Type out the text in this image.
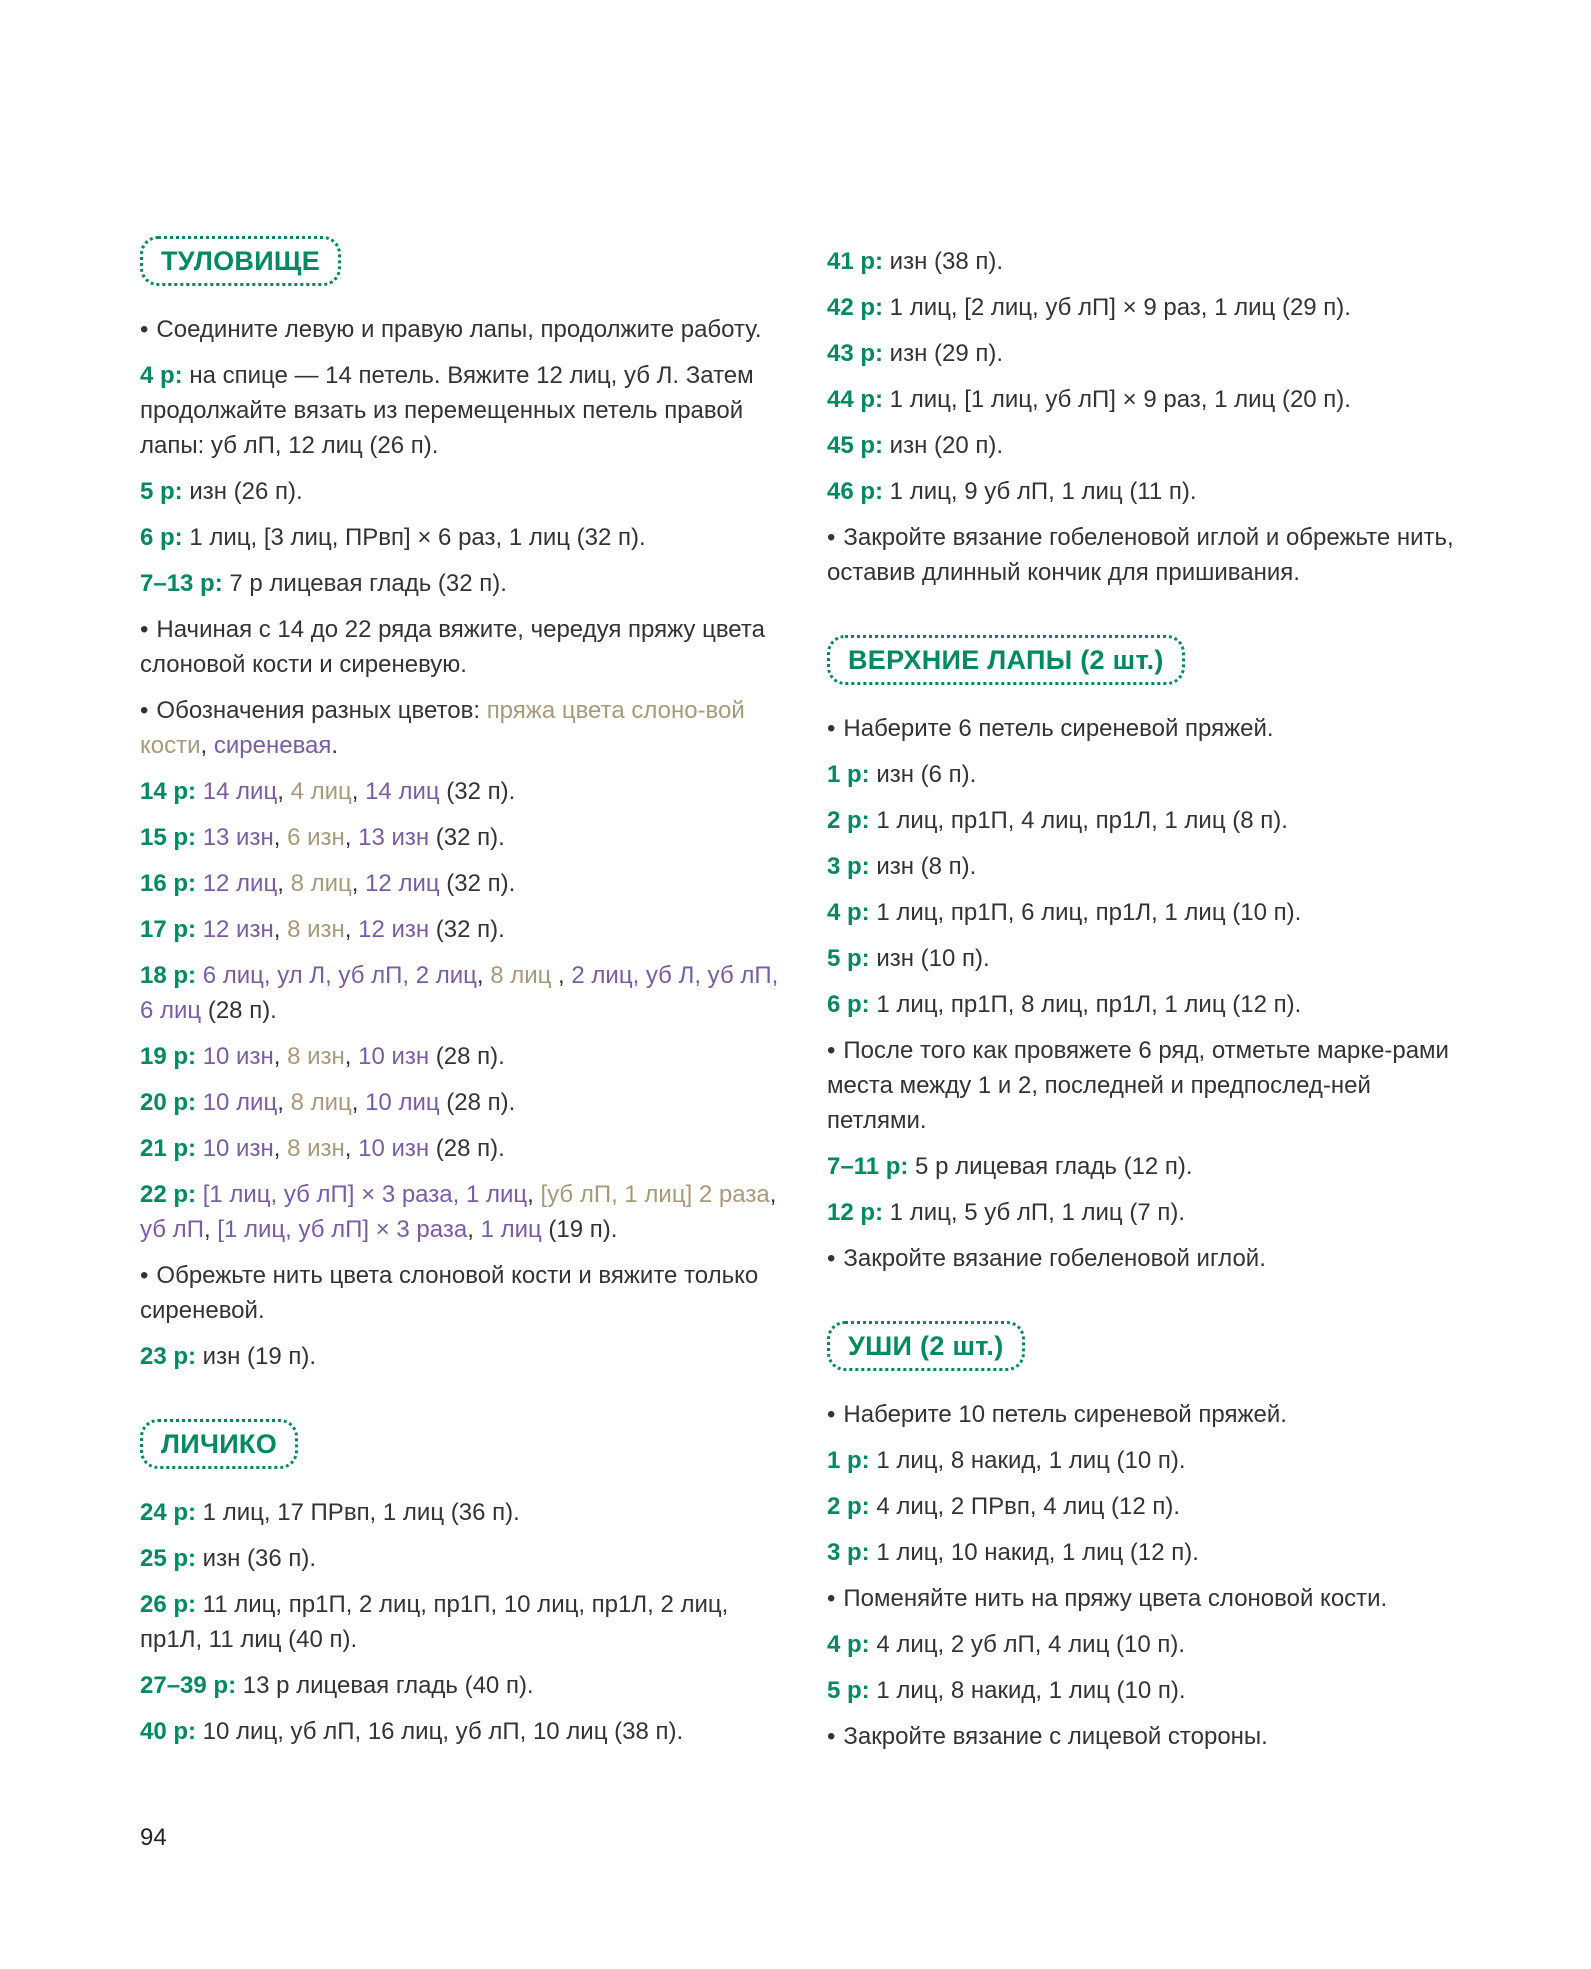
ТУЛОВИЩЕ
• Соедините левую и правую лапы, продолжите работу.
4 р: на спице — 14 петель. Вяжите 12 лиц, уб Л. Затем продолжайте вязать из перемещенных петель правой лапы: уб лП, 12 лиц (26 п).
5 р: изн (26 п).
6 р: 1 лиц, [3 лиц, ПРвп] × 6 раз, 1 лиц (32 п).
7–13 р: 7 р лицевая гладь (32 п).
• Начиная с 14 до 22 ряда вяжите, чередуя пряжу цвета слоновой кости и сиреневую.
• Обозначения разных цветов: пряжа цвета слоно-вой кости, сиреневая.
14 р: 14 лиц, 4 лиц, 14 лиц (32 п).
15 р: 13 изн, 6 изн, 13 изн (32 п).
16 р: 12 лиц, 8 лиц, 12 лиц (32 п).
17 р: 12 изн, 8 изн, 12 изн (32 п).
18 р: 6 лиц, ул Л, уб лП, 2 лиц, 8 лиц , 2 лиц, уб Л, уб лП, 6 лиц (28 п).
19 р: 10 изн, 8 изн, 10 изн (28 п).
20 р: 10 лиц, 8 лиц, 10 лиц (28 п).
21 р: 10 изн, 8 изн, 10 изн (28 п).
22 р: [1 лиц, уб лП] × 3 раза, 1 лиц, [уб лП, 1 лиц] 2 раза, уб лП, [1 лиц, уб лП] × 3 раза, 1 лиц (19 п).
• Обрежьте нить цвета слоновой кости и вяжите только сиреневой.
23 р: изн (19 п).
ЛИЧИКО
24 р: 1 лиц, 17 ПРвп, 1 лиц (36 п).
25 р: изн (36 п).
26 р: 11 лиц, пр1П, 2 лиц, пр1П, 10 лиц, пр1Л, 2 лиц, пр1Л, 11 лиц (40 п).
27–39 р: 13 р лицевая гладь (40 п).
40 р: 10 лиц, уб лП, 16 лиц, уб лП, 10 лиц (38 п).
41 р: изн (38 п).
42 р: 1 лиц, [2 лиц, уб лП] × 9 раз, 1 лиц (29 п).
43 р: изн (29 п).
44 р: 1 лиц, [1 лиц, уб лП] × 9 раз, 1 лиц (20 п).
45 р: изн (20 п).
46 р: 1 лиц, 9 уб лП, 1 лиц (11 п).
• Закройте вязание гобеленовой иглой и обрежьте нить, оставив длинный кончик для пришивания.
ВЕРХНИЕ ЛАПЫ (2 шт.)
• Наберите 6 петель сиреневой пряжей.
1 р: изн (6 п).
2 р: 1 лиц, пр1П, 4 лиц, пр1Л, 1 лиц (8 п).
3 р: изн (8 п).
4 р: 1 лиц, пр1П, 6 лиц, пр1Л, 1 лиц (10 п).
5 р: изн (10 п).
6 р: 1 лиц, пр1П, 8 лиц, пр1Л, 1 лиц (12 п).
• После того как провяжете 6 ряд, отметьте марке-рами места между 1 и 2, последней и предпослед-ней петлями.
7–11 р: 5 р лицевая гладь (12 п).
12 р: 1 лиц, 5 уб лП, 1 лиц (7 п).
• Закройте вязание гобеленовой иглой.
УШИ (2 шт.)
• Наберите 10 петель сиреневой пряжей.
1 р: 1 лиц, 8 накид, 1 лиц (10 п).
2 р: 4 лиц, 2 ПРвп, 4 лиц (12 п).
3 р: 1 лиц, 10 накид, 1 лиц (12 п).
• Поменяйте нить на пряжу цвета слоновой кости.
4 р: 4 лиц, 2 уб лП, 4 лиц (10 п).
5 р: 1 лиц, 8 накид, 1 лиц (10 п).
• Закройте вязание с лицевой стороны.
94
